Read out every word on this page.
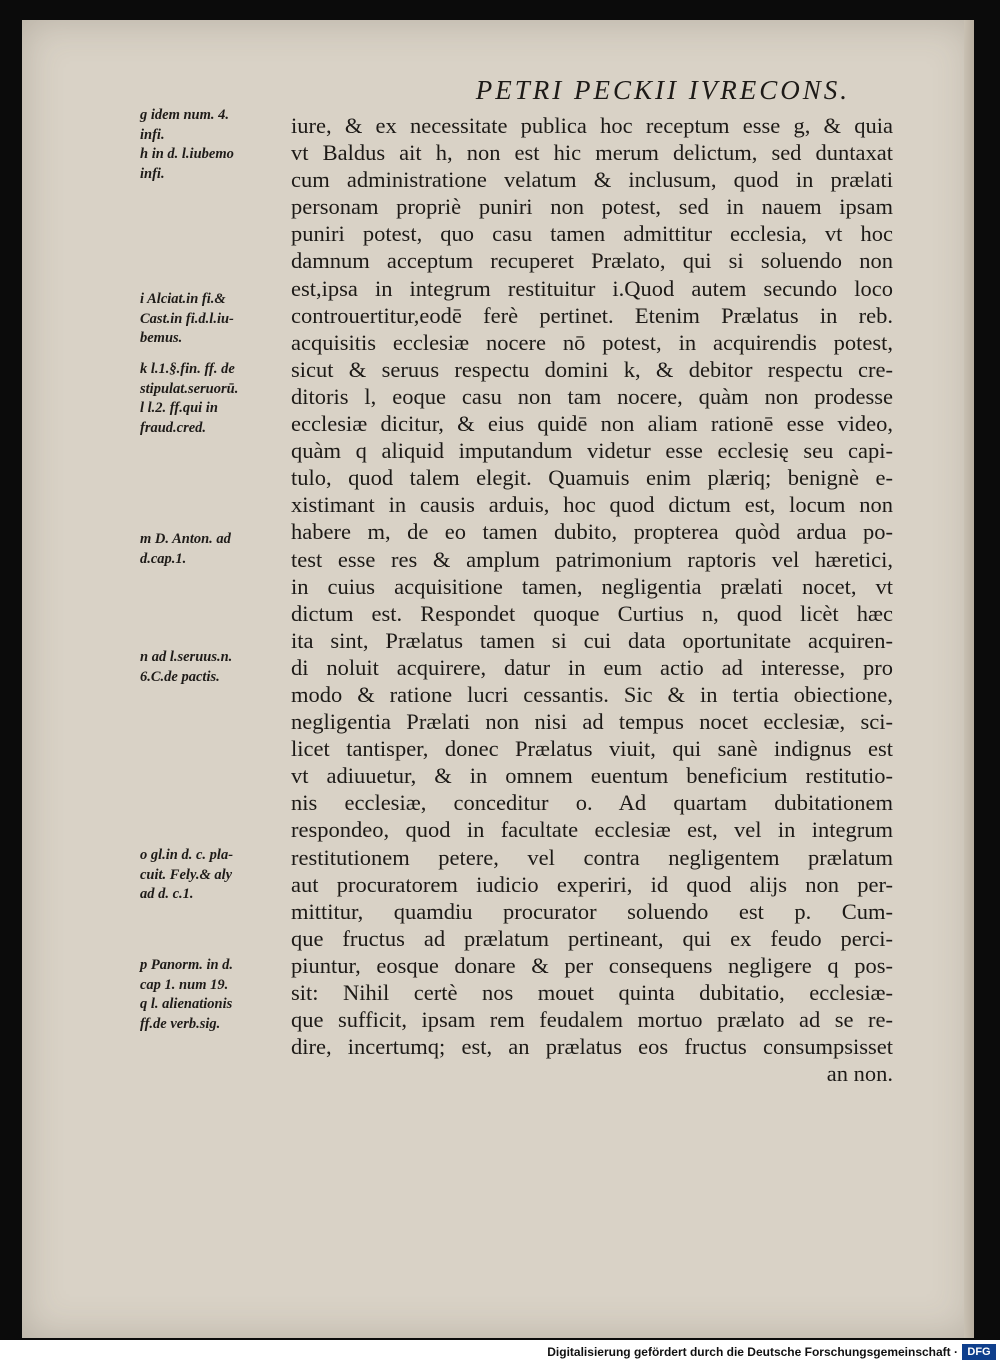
PETRI PECKII IVRECONS.
g idem num. 4.
infi.
h in d. l.iubemo
infi.
i Alciat.in fi.&
Cast.in fi.d.l.iu-
bemus.
k l.1.§.fin. ff. de
stipulat.seruorū.
l l.2. ff.qui in
fraud.cred.
m D. Anton. ad
d.cap.1.
n ad l.seruus.n.
6.C.de pactis.
o gl.in d. c. pla-
cuit. Fely.& aly
ad d. c.1.
p Panorm. in d.
cap 1. num 19.
q l. alienationis
ff.de verb.sig.
iure, & ex necessitate publica hoc receptum esse g, & quia
vt Baldus ait h, non est hic merum delictum, sed duntaxat
cum administratione velatum & inclusum, quod in prælati
personam propriè puniri non potest, sed in nauem ipsam
puniri potest, quo casu tamen admittitur ecclesia, vt hoc
damnum acceptum recuperet Prælato, qui si soluendo non
est,ipsa in integrum restituitur i.Quod autem secundo loco
controuertitur,eodē ferè pertinet. Etenim Prælatus in reb.
acquisitis ecclesiæ nocere nō potest, in acquirendis potest,
sicut & seruus respectu domini k, & debitor respectu cre-
ditoris l, eoque casu non tam nocere, quàm non prodesse
ecclesiæ dicitur, & eius quidē non aliam rationē esse video,
quàm q aliquid imputandum videtur esse ecclesię seu capi-
tulo, quod talem elegit. Quamuis enim plæriq; benignè e-
xistimant in causis arduis, hoc quod dictum est, locum non
habere m, de eo tamen dubito, propterea quòd ardua po-
test esse res & amplum patrimonium raptoris vel hæretici,
in cuius acquisitione tamen, negligentia prælati nocet, vt
dictum est. Respondet quoque Curtius n, quod licèt hæc
ita sint, Prælatus tamen si cui data oportunitate acquiren-
di noluit acquirere, datur in eum actio ad interesse, pro
modo & ratione lucri cessantis. Sic & in tertia obiectione,
negligentia Prælati non nisi ad tempus nocet ecclesiæ, sci-
licet tantisper, donec Prælatus viuit, qui sanè indignus est
vt adiuuetur, & in omnem euentum beneficium restitutio-
nis ecclesiæ, conceditur o. Ad quartam dubitationem
respondeo, quod in facultate ecclesiæ est, vel in integrum
restitutionem petere, vel contra negligentem prælatum
aut procuratorem iudicio experiri, id quod alijs non per-
mittitur, quamdiu procurator soluendo est p. Cum-
que fructus ad prælatum pertineant, qui ex feudo perci-
piuntur, eosque donare & per consequens negligere q pos-
sit: Nihil certè nos mouet quinta dubitatio, ecclesiæ-
que sufficit, ipsam rem feudalem mortuo prælato ad se re-
dire, incertumq; est, an prælatus eos fructus consumpsisset
an non.
Digitalisierung gefördert durch die Deutsche Forschungsgemeinschaft · DFG
